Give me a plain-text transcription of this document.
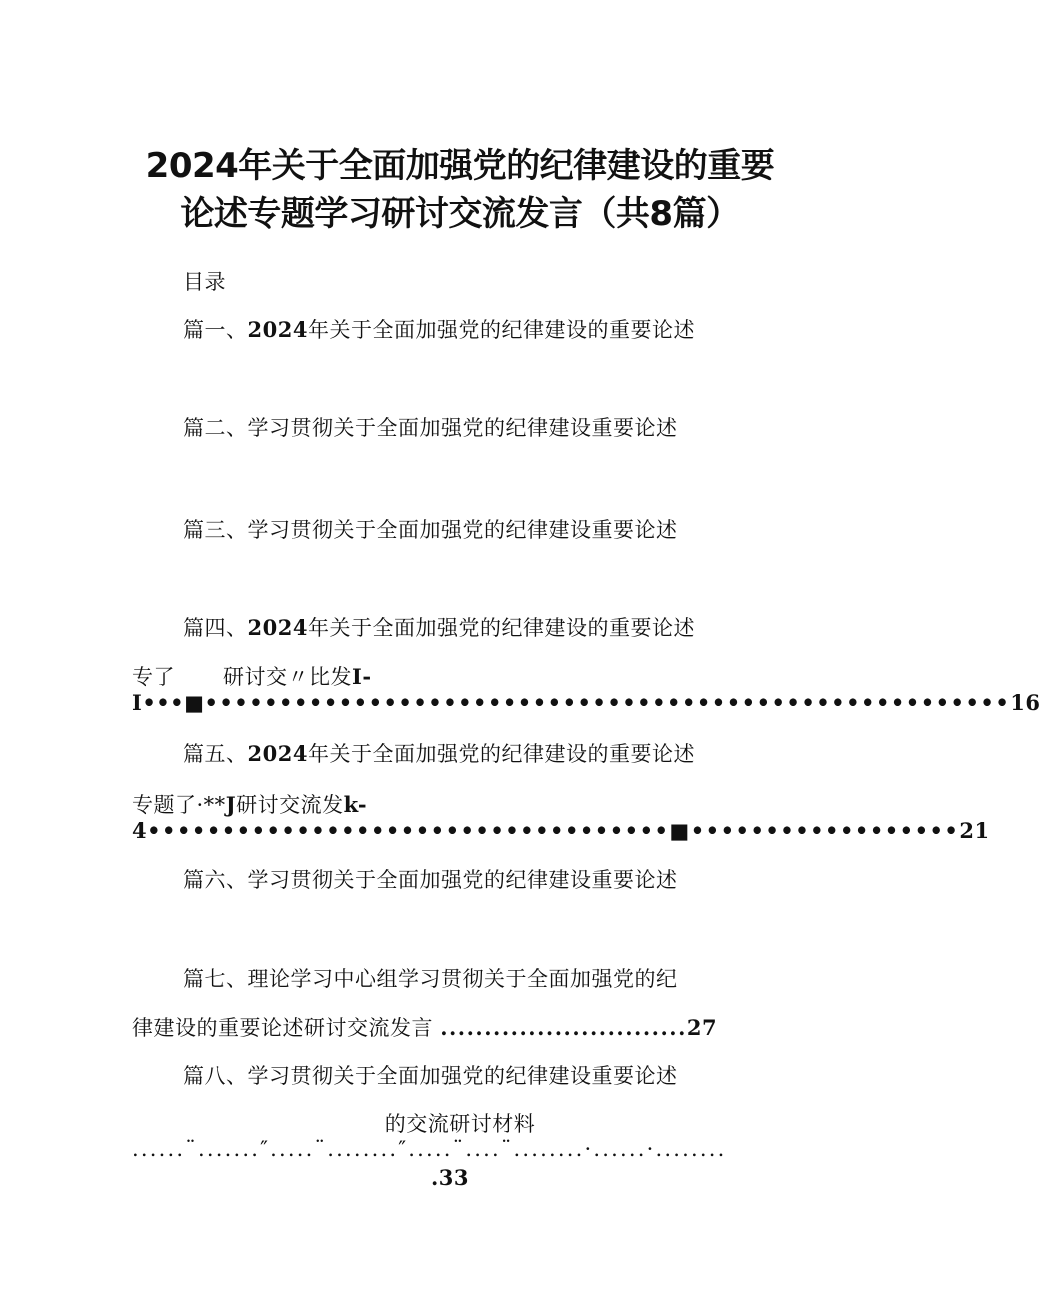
2024年关于全面加强党的纪律建设的重要
论述专题学习研讨交流发言（共8篇）
目录
篇一、2024年关于全面加强党的纪律建设的重要论述
篇二、学习贯彻关于全面加强党的纪律建设重要论述
篇三、学习贯彻关于全面加强党的纪律建设重要论述
篇四、2024年关于全面加强党的纪律建设的重要论述
专了 研讨交〃比发I-
I•••■••••••••••••••••••••••••••••••••••••••••••••••••••••••16
篇五、2024年关于全面加强党的纪律建设的重要论述
专题了·**J研讨交流发k-
4•••••••••••••••••••••••••••••••••••■••••••••••••••••••21
篇六、学习贯彻关于全面加强党的纪律建设重要论述
篇七、理论学习中心组学习贯彻关于全面加强党的纪
律建设的重要论述研讨交流发言 ............................27
篇八、学习贯彻关于全面加强党的纪律建设重要论述
的交流研讨材料
......¨.......″.....¨........″.....¨....¨........·......·........
.33
